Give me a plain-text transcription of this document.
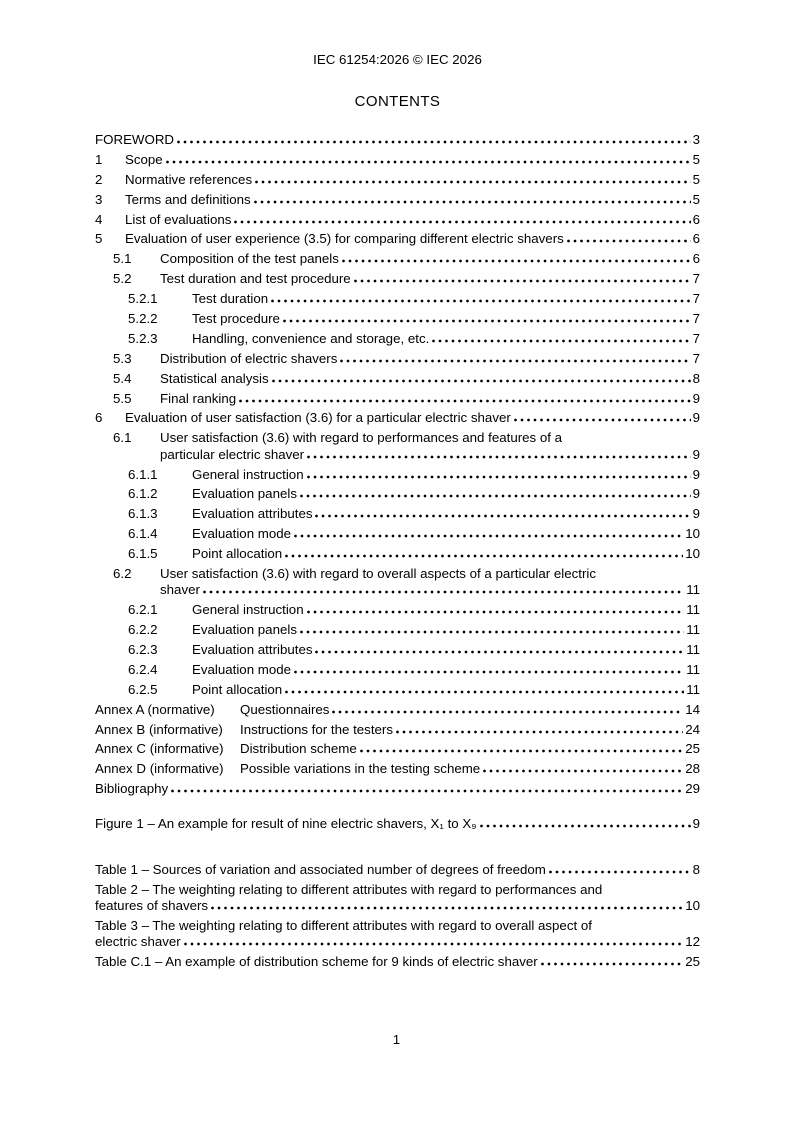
IEC 61254:2026 © IEC 2026
CONTENTS
FOREWORD	3
1	Scope	5
2	Normative references	5
3	Terms and definitions	5
4	List of evaluations	6
5	Evaluation of user experience (3.5) for comparing different electric shavers	6
5.1	Composition of the test panels	6
5.2	Test duration and test procedure	7
5.2.1	Test duration	7
5.2.2	Test procedure	7
5.2.3	Handling, convenience and storage, etc.	7
5.3	Distribution of electric shavers	7
5.4	Statistical analysis	8
5.5	Final ranking	9
6	Evaluation of user satisfaction (3.6) for a particular electric shaver	9
6.1	User satisfaction (3.6) with regard to performances and features of a
particular electric shaver	9
6.1.1	General instruction	9
6.1.2	Evaluation panels	9
6.1.3	Evaluation attributes	9
6.1.4	Evaluation mode	10
6.1.5	Point allocation	10
6.2	User satisfaction (3.6) with regard to overall aspects of a particular electric
shaver	11
6.2.1	General instruction	11
6.2.2	Evaluation panels	11
6.2.3	Evaluation attributes	11
6.2.4	Evaluation mode	11
6.2.5	Point allocation	11
Annex A (normative)	Questionnaires	14
Annex B (informative)	Instructions for the testers	24
Annex C (informative)	Distribution scheme	25
Annex D (informative)	Possible variations in the testing scheme	28
Bibliography	29
Figure 1 – An example for result of nine electric shavers, X₁ to X₉	9
Table 1 – Sources of variation and associated number of degrees of freedom	8
Table 2 – The weighting relating to different attributes with regard to performances and
features of shavers	10
Table 3 – The weighting relating to different attributes with regard to overall aspect of
electric shaver	12
Table C.1 – An example of distribution scheme for 9 kinds of electric shaver	25
1
